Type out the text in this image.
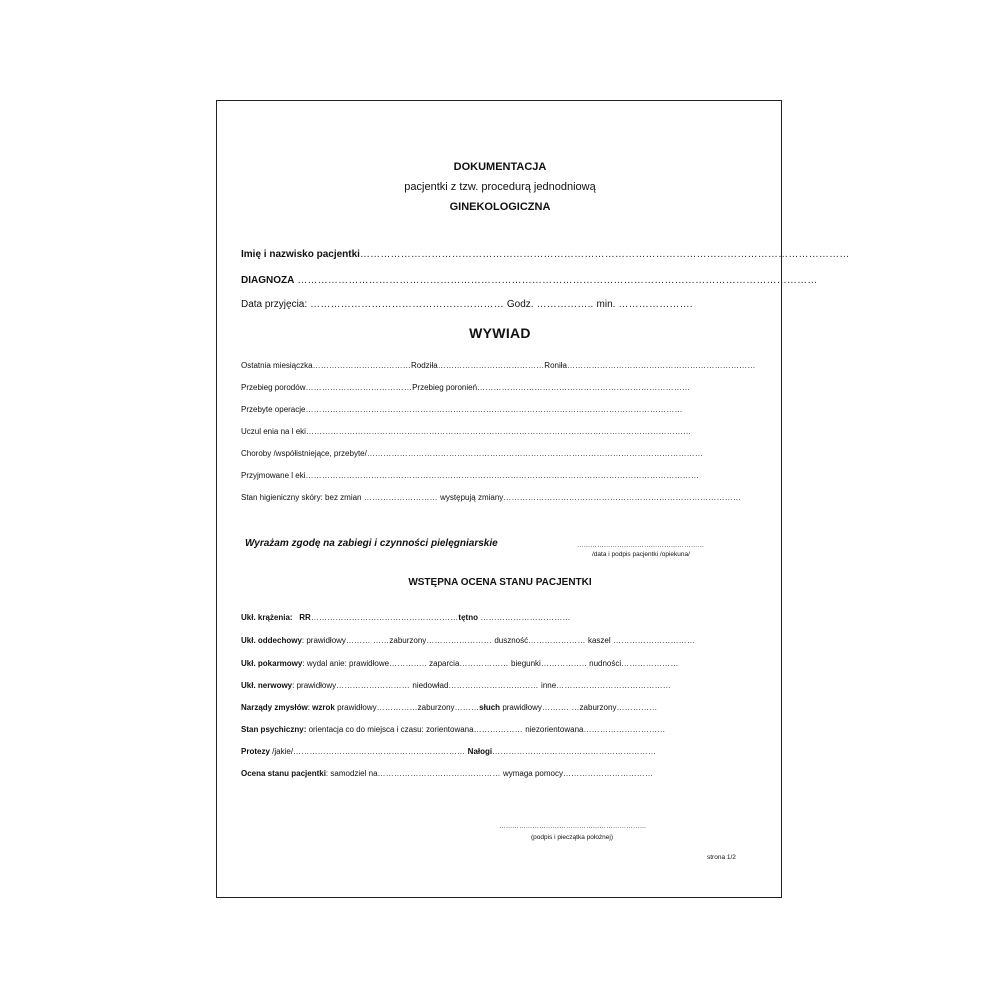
DOKUMENTACJA
pacjentki z tzw. procedurą jednodniową
GINEKOLOGICZNA
Imię i nazwisko pacjentki………………………………………………………………………………………………………………………………
DIAGNOZA ………………………………………………………………………………………………………………………………………
Data przyjęcia: ………………………………………………… Godz. …………….. min. ………………….
WYWIAD
Ostatnia miesiączka………………………………Rodziła…………………………………Roniła……………………………………………………………
Przebieg porodów…………………………………Przebieg poronień……………………………………………………………………
Przebyte operacje…………………………………………………………………………………………………………………………
Uczul enia na l eki……………………………………………………………………………………………………………………………
Choroby /współistniejące, przebyte/……………………………………………………………………………………………………………
Przyjmowane l eki………………………………………………………………………………………………………………………………
Stan higieniczny skóry: bez zmian ……………………… występują zmiany……………………………………………………………………………
Wyrażam zgodę na zabiegi i czynności pielęgniarskie	…………………………………………………
/data i podpis pacjentki /opiekuna/
WSTĘPNA OCENA STANU PACJENTKI
Ukł. krążenia: RR………………………………………………tętno ……………………………
Ukł. oddechowy: prawidłowy……… ……zaburzony…………………… duszność………………… kaszel …………………………
Ukł. pokarmowy: wydal anie: prawidłowe………….. zaparcia……………… biegunki…………….. nudności…………………
Ukł. nerwowy: prawidłowy……………………… niedowład…………………………… inne……………………………………
Narządy zmysłów: wzrok prawidłowy……………zaburzony………słuch prawidłowy………. …zaburzony……………
Stan psychiczny: orientacja co do miejsca i czasu: zorientowana……………… niezorientowana…………………………
Protezy /jakie/……………………………………………………… Nałogi……………………………………………………
Ocena stanu pacjentki: samodziel na……………………………………… wymaga pomocy……………………………
…………………………………………………………
(podpis i pieczątka położnej)
strona 1/2
